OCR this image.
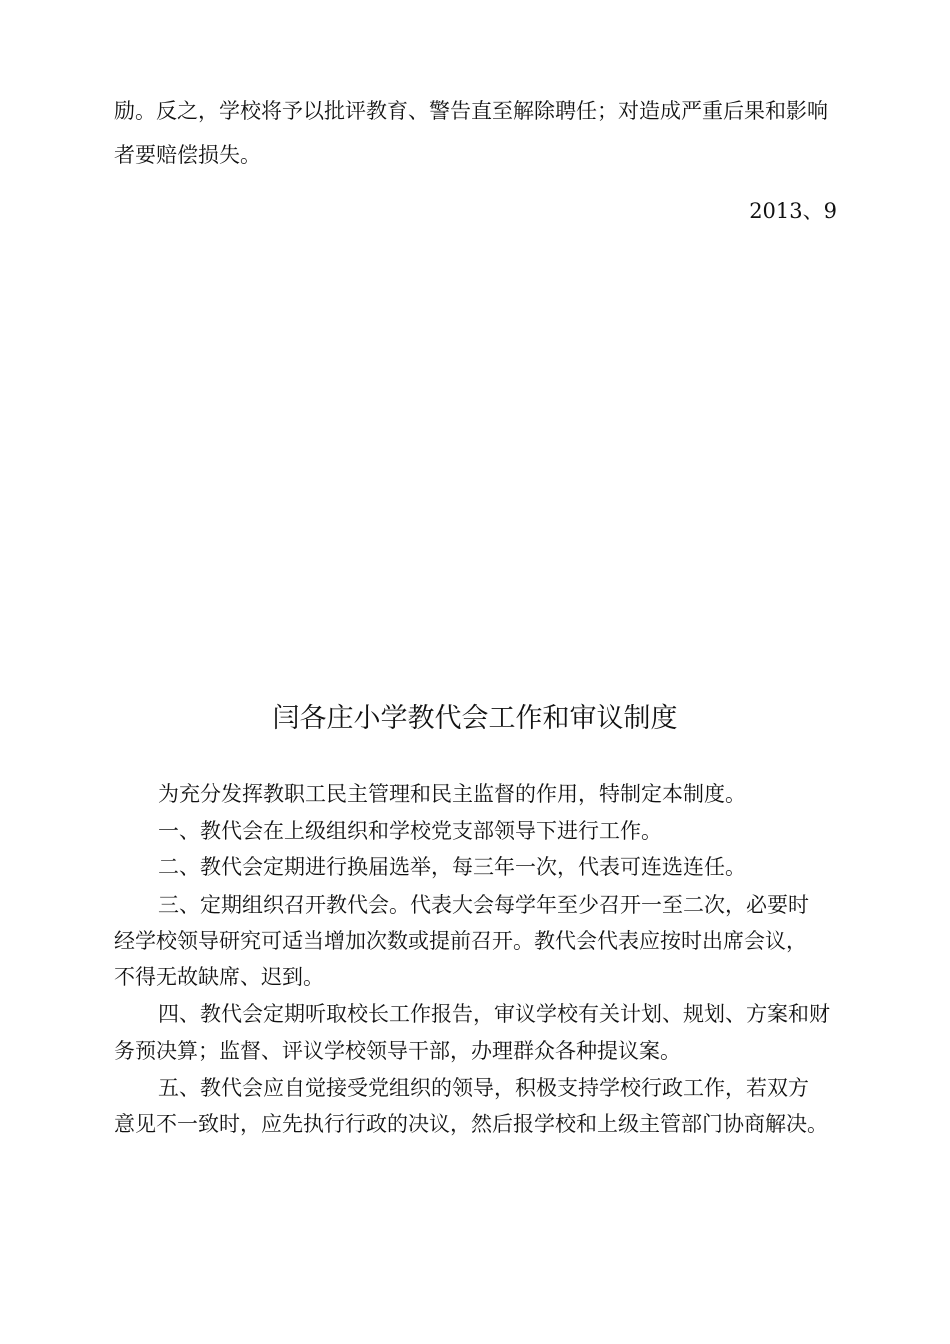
励。反之，学校将予以批评教育、警告直至解除聘任；对造成严重后果和影响
者要赔偿损失。
2013、9
闫各庄小学教代会工作和审议制度
为充分发挥教职工民主管理和民主监督的作用，特制定本制度。
一、教代会在上级组织和学校党支部领导下进行工作。
二、教代会定期进行换届选举，每三年一次，代表可连选连任。
三、定期组织召开教代会。代表大会每学年至少召开一至二次，必要时
经学校领导研究可适当增加次数或提前召开。教代会代表应按时出席会议，
不得无故缺席、迟到。
四、教代会定期听取校长工作报告，审议学校有关计划、规划、方案和财
务预决算；监督、评议学校领导干部，办理群众各种提议案。
五、教代会应自觉接受党组织的领导，积极支持学校行政工作，若双方
意见不一致时，应先执行行政的决议，然后报学校和上级主管部门协商解决。
